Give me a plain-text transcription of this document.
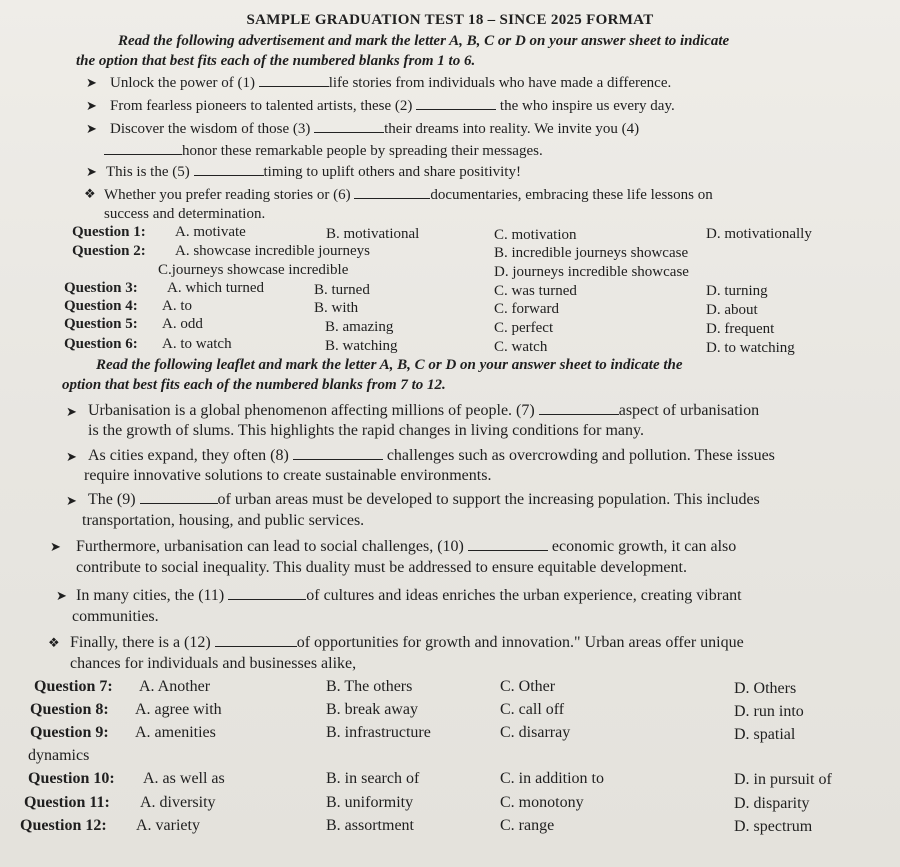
SAMPLE GRADUATION TEST 18 – SINCE 2025 FORMAT
Read the following advertisement and mark the letter A, B, C or D on your answer sheet to indicate
the option that best fits each of the numbered blanks from 1 to 6.
➤ Unlock the power of (1)	life stories from individuals who have made a difference.
➤ From fearless pioneers to talented artists, these (2)	the who inspire us every day.
➤ Discover the wisdom of those (3)	their dreams into reality. We invite you (4)
honor these remarkable people by spreading their messages.
➤ This is the (5)	timing to uplift others and share positivity!
❖ Whether you prefer reading stories or (6)	documentaries, embracing these life lessons on
success and determination.
Question 1: A. motivate	B. motivational	C. motivation	D. motivationally
Question 2: A. showcase incredible journeys	B. incredible journeys showcase
C.journeys showcase incredible	D. journeys incredible showcase
Question 3: A. which turned	B. turned	C. was turned	D. turning
Question 4: A. to	B. with	C. forward	D. about
Question 5: A. odd	B. amazing	C. perfect	D. frequent
Question 6: A. to watch	B. watching	C. watch	D. to watching
Read the following leaflet and mark the letter A, B, C or D on your answer sheet to indicate the
option that best fits each of the numbered blanks from 7 to 12.
➤ Urbanisation is a global phenomenon affecting millions of people. (7)	aspect of urbanisation
is the growth of slums. This highlights the rapid changes in living conditions for many.
➤ As cities expand, they often (8)	challenges such as overcrowding and pollution. These issues
require innovative solutions to create sustainable environments.
➤ The (9)	of urban areas must be developed to support the increasing population. This includes
transportation, housing, and public services.
➤ Furthermore, urbanisation can lead to social challenges, (10)	economic growth, it can also
contribute to social inequality. This duality must be addressed to ensure equitable development.
➤ In many cities, the (11)	of cultures and ideas enriches the urban experience, creating vibrant
communities.
❖ Finally, there is a (12)	of opportunities for growth and innovation." Urban areas offer unique
chances for individuals and businesses alike,
Question 7: A. Another	B. The others	C. Other	D. Others
Question 8: A. agree with	B. break away	C. call off	D. run into
Question 9: A. amenities	B. infrastructure	C. disarray	D. spatial
dynamics
Question 10: A. as well as	B. in search of	C. in addition to	D. in pursuit of
Question 11: A. diversity	B. uniformity	C. monotony	D. disparity
Question 12: A. variety	B. assortment	C. range	D. spectrum
